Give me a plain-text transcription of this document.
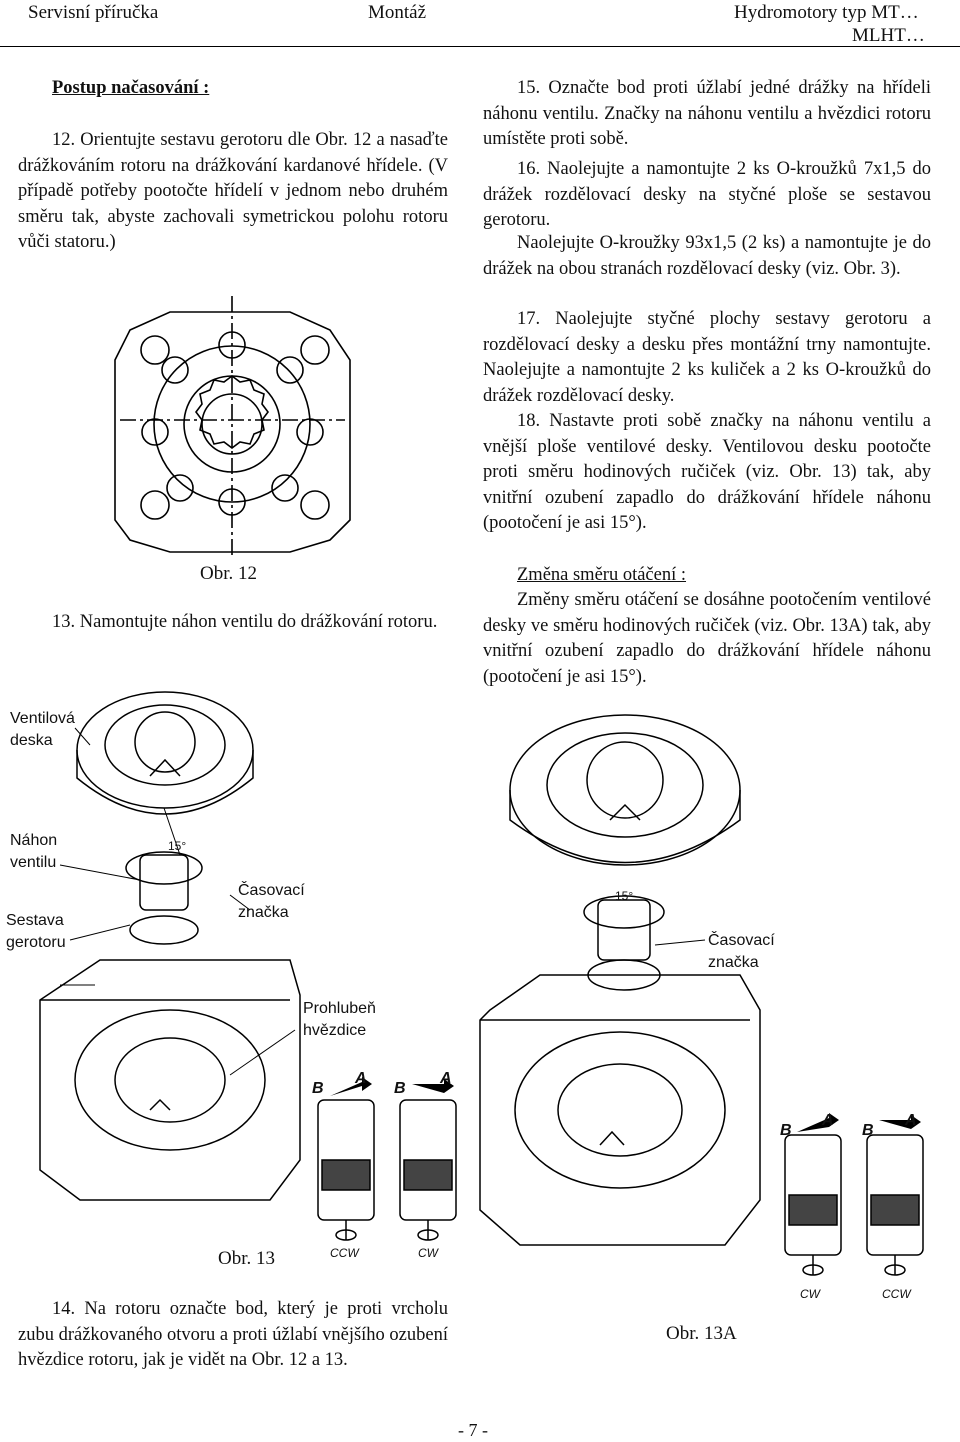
Servisní příručka	Montáž	Hydromotory typ MT…
MLHT…
Postup načasování :
12. Orientujte sestavu gerotoru dle Obr. 12 a nasaďte drážkováním rotoru na drážkování kardanové hřídele. (V případě potřeby pootočte hřídelí v jednom nebo druhém směru tak, abyste zachovali symetrickou polohu rotoru vůči statoru.)
Obr. 12
13. Namontujte náhon ventilu do drážkování rotoru.
Ventilová
deska
Náhon
ventilu
Sestava
gerotoru
Časovací
značka
Prohlubeň
hvězdice
15°
Obr. 13
B
A
B
A
CCW	CW
B
A
B
A
CW	CCW
14. Na rotoru označte bod, který je proti vrcholu zubu drážkovaného otvoru a proti úžlabí vnějšího ozubení hvězdice rotoru, jak je vidět na Obr. 12 a 13.
15. Označte bod proti úžlabí jedné drážky na hřídeli náhonu ventilu. Značky na náhonu ventilu a hvězdici rotoru umístěte proti sobě.
16. Naolejujte a namontujte 2 ks O-kroužků 7x1,5 do drážek rozdělovací desky na styčné ploše se sestavou gerotoru.
Naolejujte O-kroužky 93x1,5 (2 ks) a namontujte je do drážek na obou stranách rozdělovací desky (viz. Obr. 3).
17. Naolejujte styčné plochy sestavy gerotoru a rozdělovací desky a desku přes montážní trny namontujte. Naolejujte a namontujte 2 ks kuliček a 2 ks O-kroužků do drážek rozdělovací desky.
18. Nastavte proti sobě značky na náhonu ventilu a vnější ploše ventilové desky. Ventilovou desku pootočte proti směru hodinových ručiček (viz. Obr. 13) tak, aby vnitřní ozubení zapadlo do drážkování hřídele náhonu (pootočení je asi 15°).
Změna směru otáčení :
Změny směru otáčení se dosáhne pootočením ventilové desky ve směru hodinových ručiček (viz. Obr. 13A) tak, aby vnitřní ozubení zapadlo do drážkování hřídele náhonu (pootočení je asi 15°).
15°
Časovací
značka
Obr. 13A
- 7 -
